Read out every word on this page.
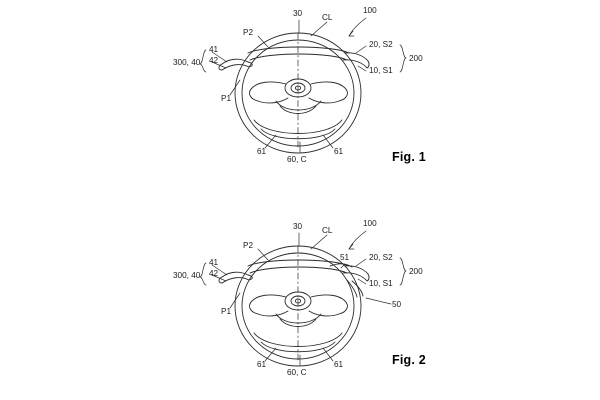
100
30 CL
P2
300, 40
41
42
P1
20, S2
10, S1
200
61	61
60, C	Fig. 1
100
30 CL
P2
300, 40
41
42
P1
51 20, S2
10, S1
200
50
61	61
60, C
Fig. 2
